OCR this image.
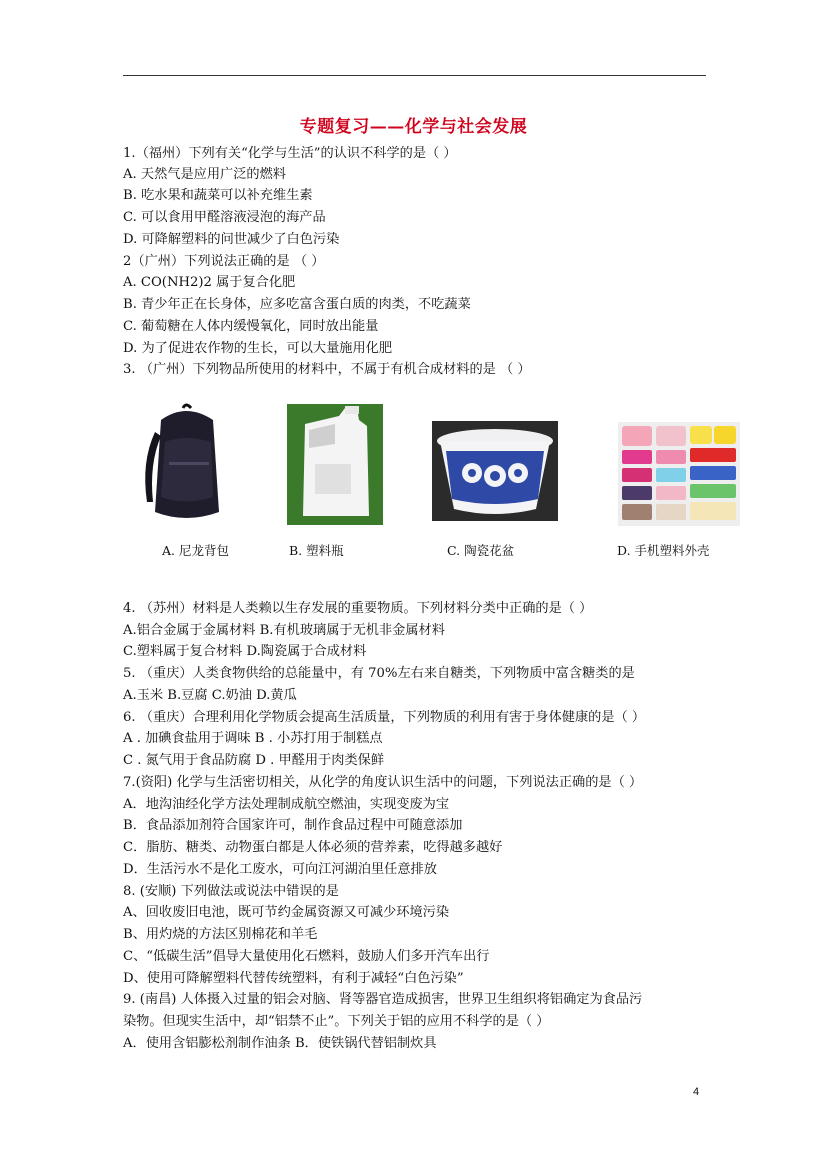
专题复习——化学与社会发展
1.（福州）下列有关“化学与生活”的认识不科学的是（ ）
A. 天然气是应用广泛的燃料
B. 吃水果和蔬菜可以补充维生素
C. 可以食用甲醛溶液浸泡的海产品
D. 可降解塑料的问世减少了白色污染
2（广州）下列说法正确的是 （ ）
A. CO(NH2)2 属于复合化肥
B. 青少年正在长身体，应多吃富含蛋白质的肉类，不吃蔬菜
C. 葡萄糖在人体内缓慢氧化，同时放出能量
D. 为了促进农作物的生长，可以大量施用化肥
3. （广州）下列物品所使用的材料中，不属于有机合成材料的是 （ ）
A. 尼龙背包	B. 塑料瓶	C. 陶瓷花盆	D. 手机塑料外壳
4. （苏州）材料是人类赖以生存发展的重要物质。下列材料分类中正确的是（ ）
A.铝合金属于金属材料 B.有机玻璃属于无机非金属材料
C.塑料属于复合材料 D.陶瓷属于合成材料
5. （重庆）人类食物供给的总能量中，有 70%左右来自糖类，下列物质中富含糖类的是
A.玉米 B.豆腐 C.奶油 D.黄瓜
6. （重庆）合理利用化学物质会提高生活质量，下列物质的利用有害于身体健康的是（ ）
A . 加碘食盐用于调味 B . 小苏打用于制糕点
C . 氮气用于食品防腐 D . 甲醛用于肉类保鲜
7.(资阳) 化学与生活密切相关，从化学的角度认识生活中的问题，下列说法正确的是（ ）
A．地沟油经化学方法处理制成航空燃油，实现变废为宝
B．食品添加剂符合国家许可，制作食品过程中可随意添加
C．脂肪、糖类、动物蛋白都是人体必须的营养素，吃得越多越好
D．生活污水不是化工废水，可向江河湖泊里任意排放
8. (安顺) 下列做法或说法中错误的是
A、回收废旧电池，既可节约金属资源又可减少环境污染
B、用灼烧的方法区别棉花和羊毛
C、“低碳生活”倡导大量使用化石燃料，鼓励人们多开汽车出行
D、使用可降解塑料代替传统塑料，有利于减轻“白色污染”
9. (南昌) 人体摄入过量的铝会对脑、肾等器官造成损害，世界卫生组织将铝确定为食品污
染物。但现实生活中，却“铝禁不止”。下列关于铝的应用不科学的是（ ）
A．使用含铝膨松剂制作油条 B．使铁锅代替铝制炊具
4
